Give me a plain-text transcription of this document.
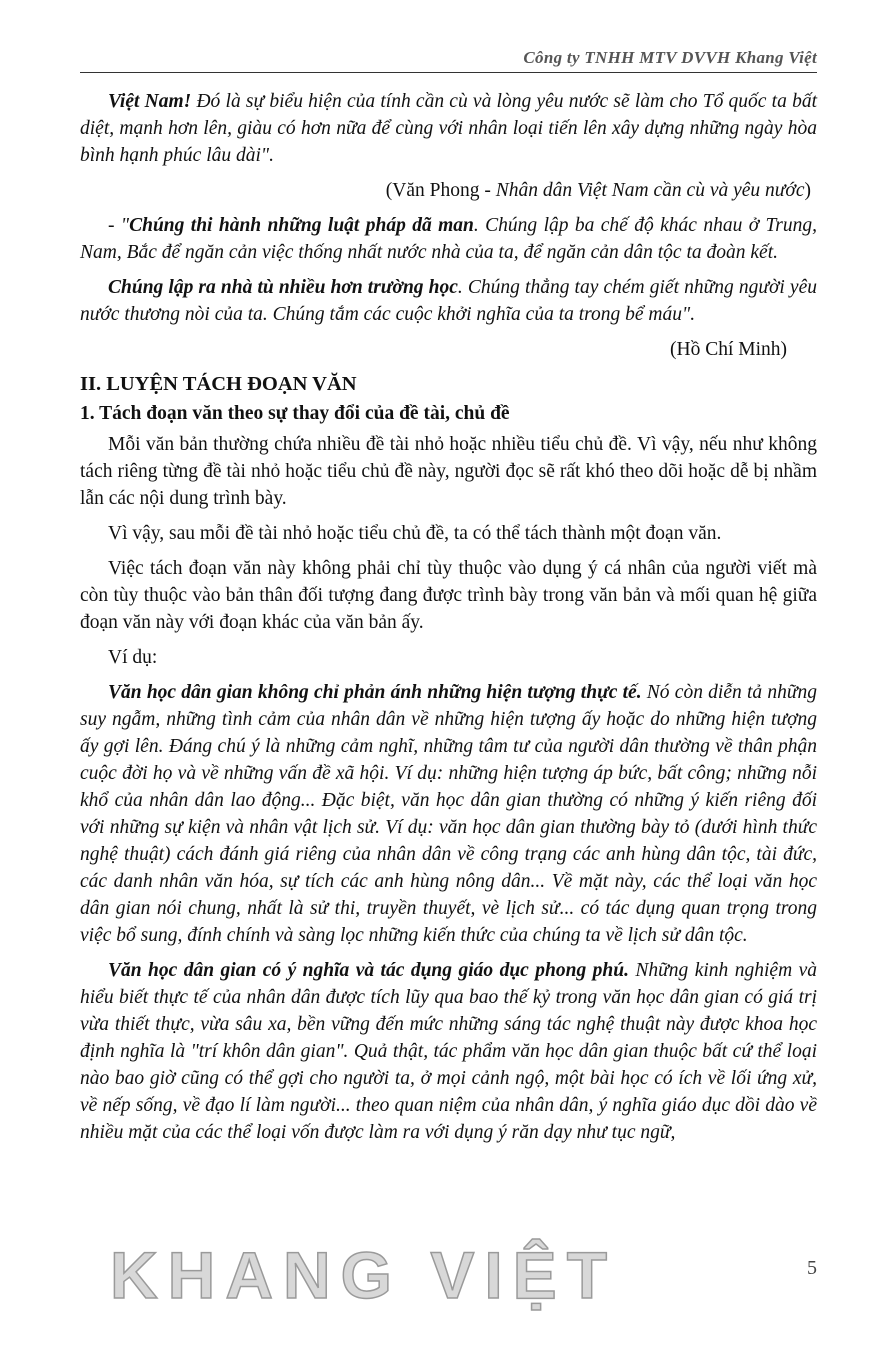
Công ty TNHH MTV DVVH Khang Việt

Việt Nam! Đó là sự biểu hiện của tính cần cù và lòng yêu nước sẽ làm cho Tổ quốc ta bất diệt, mạnh hơn lên, giàu có hơn nữa để cùng với nhân loại tiến lên xây dựng những ngày hòa bình hạnh phúc lâu dài".

(Văn Phong - Nhân dân Việt Nam cần cù và yêu nước)

- "Chúng thi hành những luật pháp dã man. Chúng lập ba chế độ khác nhau ở Trung, Nam, Bắc để ngăn cản việc thống nhất nước nhà của ta, để ngăn cản dân tộc ta đoàn kết.

Chúng lập ra nhà tù nhiều hơn trường học. Chúng thẳng tay chém giết những người yêu nước thương nòi của ta. Chúng tắm các cuộc khởi nghĩa của ta trong bể máu".

(Hồ Chí Minh)

II. LUYỆN TÁCH ĐOẠN VĂN
1. Tách đoạn văn theo sự thay đổi của đề tài, chủ đề

Mỗi văn bản thường chứa nhiều đề tài nhỏ hoặc nhiều tiểu chủ đề. Vì vậy, nếu như không tách riêng từng đề tài nhỏ hoặc tiểu chủ đề này, người đọc sẽ rất khó theo dõi hoặc dễ bị nhầm lẫn các nội dung trình bày.

Vì vậy, sau mỗi đề tài nhỏ hoặc tiểu chủ đề, ta có thể tách thành một đoạn văn.

Việc tách đoạn văn này không phải chỉ tùy thuộc vào dụng ý cá nhân của người viết mà còn tùy thuộc vào bản thân đối tượng đang được trình bày trong văn bản và mối quan hệ giữa đoạn văn này với đoạn khác của văn bản ấy.

Ví dụ:

Văn học dân gian không chỉ phản ánh những hiện tượng thực tế. Nó còn diễn tả những suy ngẫm, những tình cảm của nhân dân về những hiện tượng ấy hoặc do những hiện tượng ấy gợi lên. Đáng chú ý là những cảm nghĩ, những tâm tư của người dân thường về thân phận cuộc đời họ và về những vấn đề xã hội. Ví dụ: những hiện tượng áp bức, bất công; những nỗi khổ của nhân dân lao động... Đặc biệt, văn học dân gian thường có những ý kiến riêng đối với những sự kiện và nhân vật lịch sử. Ví dụ: văn học dân gian thường bày tỏ (dưới hình thức nghệ thuật) cách đánh giá riêng của nhân dân về công trạng các anh hùng dân tộc, tài đức, các danh nhân văn hóa, sự tích các anh hùng nông dân... Về mặt này, các thể loại văn học dân gian nói chung, nhất là sử thi, truyền thuyết, vè lịch sử... có tác dụng quan trọng trong việc bổ sung, đính chính và sàng lọc những kiến thức của chúng ta về lịch sử dân tộc.

Văn học dân gian có ý nghĩa và tác dụng giáo dục phong phú. Những kinh nghiệm và hiểu biết thực tế của nhân dân được tích lũy qua bao thế kỷ trong văn học dân gian có giá trị vừa thiết thực, vừa sâu xa, bền vững đến mức những sáng tác nghệ thuật này được khoa học định nghĩa là "trí khôn dân gian". Quả thật, tác phẩm văn học dân gian thuộc bất cứ thể loại nào bao giờ cũng có thể gợi cho người ta, ở mọi cảnh ngộ, một bài học có ích về lối ứng xử, về nếp sống, về đạo lí làm người... theo quan niệm của nhân dân, ý nghĩa giáo dục dồi dào về nhiều mặt của các thể loại vốn được làm ra với dụng ý răn dạy như tục ngữ,

KHANG VIỆT	5
